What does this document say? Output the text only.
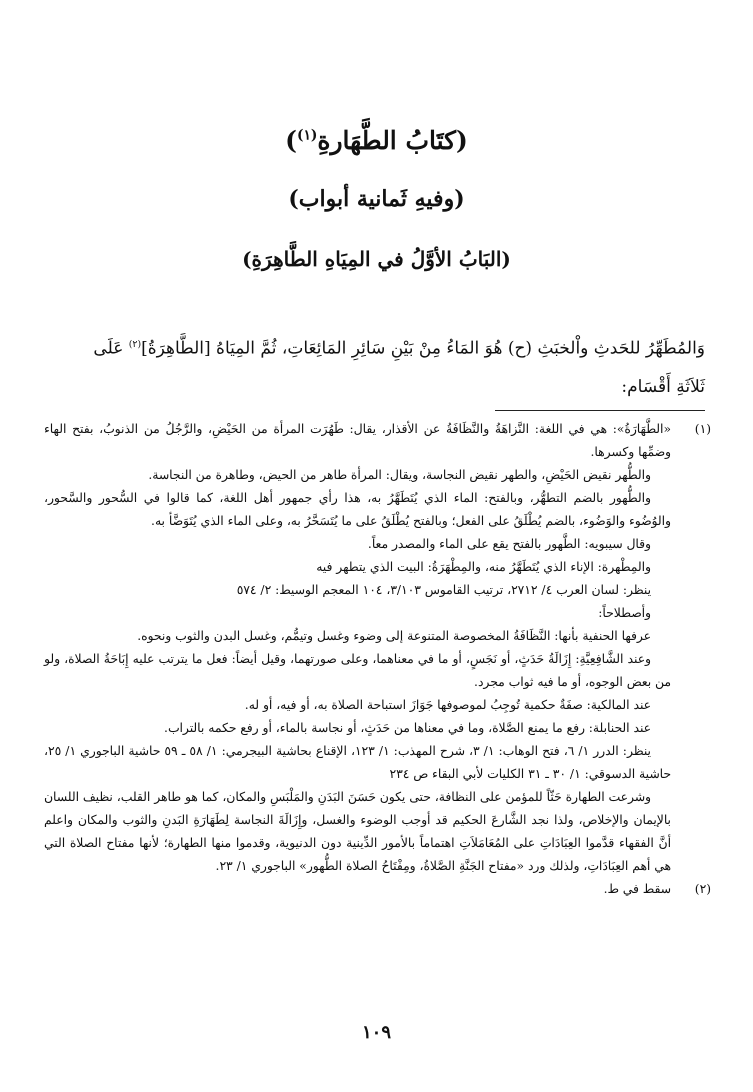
(كتَابُ الطَّهَارةِ$^{(١)}$)
(وفيهِ ثَمانية أبواب)
(البَابُ الأوَّلُ في المِيَاهِ الطَّاهِرَةِ)
وَالمُطَهِّرُ للحَدثِ واْلخبَثِ (ح) هُوَ المَاءُ مِنْ بَيْنِ سَائِرِ المَائِعَاتِ، ثُمَّ المِيَاهُ [الطَّاهِرَةُ]$^{(٢)}$ عَلَى
ثَلاَثَةِ أَقْسَام:
(١)

«الطَّهَارَةُ»: هي في اللغة: النَّزاهَةُ والنَّظَافَةُ عن الأقذار، يقال: طَهُرَت المرأة من الحَيْضِ، والرَّجُلُ من الذنوبُ، بفتح الهاء وضمِّها وكسرها.

والطُّهر نقيض الحَيْضِ، والطهر نقيض النجاسة، ويقال: المرأة طاهر من الحيض، وطاهرة من النجاسة.

والطُّهور بالضم التطهُّر، وبالفتح: الماء الذي يُتَطَهَّرُ به، هذا رأي جمهور أهل اللغة، كما قالوا في السُّحور والسَّحور، والوُضُوء والوَضُوء، بالضم يُطْلَقُ على الفعل؛ وبالفتح يُطْلَقُ على ما يُتَسَحَّرُ به، وعلى الماء الذي يُتَوَضَّأ به.

وقال سيبويه: الطَّهور بالفتح يقع على الماء والمصدر معاً.

والمِطْهرة: الإناء الذي يُتَطَهَّرُ منه، والمِطْهَرَةُ: البيت الذي يتطهر فيه

ينظر: لسان العرب ٤/ ٢٧١٢، ترتيب القاموس ٣/١٠٣، ١٠٤ المعجم الوسيط: ٢/ ٥٧٤

وأصطلاحاً:

عرفها الحنفية بأنها: النَّظَافَةُ المخصوصة المتنوعة إلى وضوء وغسل وتيمُّم، وغسل البدن والثوب ونحوه.

وعند الشَّافِعِيَّةِ: إِزَالَةُ حَدَثٍ، أو نَجَسٍ، أو ما في معناهما، وعلى صورتهما، وقيل أيضاً: فعل ما يترتب عليه إِبَاحَةُ الصلاة، ولو من بعض الوجوه، أو ما فيه ثواب مجرد.

عند المالكية: صفَةٌ حكمية تُوجِبُ لموصوفها جَوَازَ استباحة الصلاة به، أو فيه، أو له.

عند الحنابلة: رفع ما يمنع الصَّلاة، وما في معناها من حَدَثٍ، أو نجاسة بالماء، أو رفع حكمه بالتراب.

ينظر: الدرر ١/ ٦، فتح الوهاب: ١/ ٣، شرح المهذب: ١/ ١٢٣، الإقناع بحاشية البيجرمي: ١/ ٥٨ ـ ٥٩ حاشية الباجوري ١/ ٢٥، حاشية الدسوقي: ١/ ٣٠ ـ ٣١ الكليات لأبي البقاء ص ٢٣٤

وشرعت الطهارة حَثّاً للمؤمن على النظافة، حتى يكون حَسَنَ البَدَنِ والمَلْبَسِ والمكان، كما هو طاهر القلب، نظيف اللسان بالإيمان والإخلاص، ولذا نجد الشَّارعَ الحكيم قد أوجب الوضوء والغسل، وإِزَالَةَ النجاسة لِطَهَارَةِ البَدنِ والثوب والمكان واعلم أنَّ الفقهاء قدَّموا العِبَادَاتِ على المُعَامَلاَتِ اهتماماً بالأمور الدِّينية دون الدنيوية، وقدموا منها الطهارة؛ لأنها مفتاح الصلاة التي هي أهم العِبَادَاتِ، ولذلك ورد «مفتاح الجَنَّةِ الصَّلاةُ، ومِفْتَاحُ الصلاة الطُّهور» الباجوري ١/ ٢٣.

(٢)

سقط في ط.

١٠٩
